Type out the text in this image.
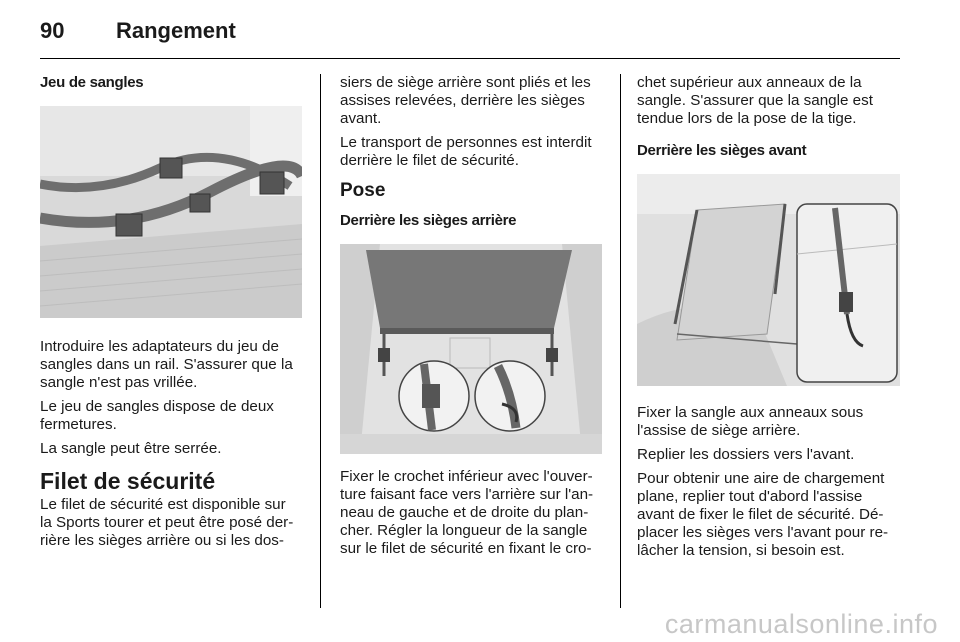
90 Rangement
Jeu de sangles

Introduire les adaptateurs du jeu de
sangles dans un rail. S'assurer que la
sangle n'est pas vrillée.

Le jeu de sangles dispose de deux
fermetures.

La sangle peut être serrée.

Filet de sécurité

Le filet de sécurité est disponible sur
la Sports tourer et peut être posé der-
rière les sièges arrière ou si les dos-

siers de siège arrière sont pliés et les
assises relevées, derrière les sièges
avant.

Le transport de personnes est interdit
derrière le filet de sécurité.

Pose
Derrière les sièges arrière

Fixer le crochet inférieur avec l'ouver-
ture faisant face vers l'arrière sur l'an-
neau de gauche et de droite du plan-
cher. Régler la longueur de la sangle
sur le filet de sécurité en fixant le cro-

chet supérieur aux anneaux de la
sangle. S'assurer que la sangle est
tendue lors de la pose de la tige.

Derrière les sièges avant

Fixer la sangle aux anneaux sous
l'assise de siège arrière.

Replier les dossiers vers l'avant.

Pour obtenir une aire de chargement
plane, replier tout d'abord l'assise
avant de fixer le filet de sécurité. Dé-
placer les sièges vers l'avant pour re-
lâcher la tension, si besoin est.

carmanualsonline.info
